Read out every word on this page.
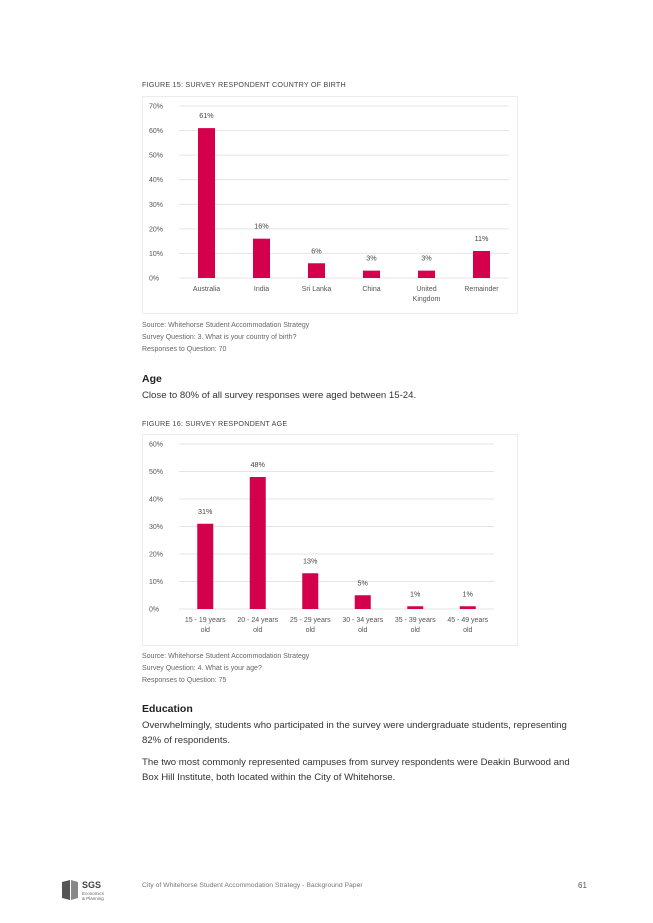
FIGURE 15: SURVEY RESPONDENT COUNTRY OF BIRTH
0%
10%
20%
30%
40%
50%
60%
70%
61%
Australia
16%
India
6%
Sri Lanka
3%
China
3%
United
Kingdom
11%
Remainder
Source: Whitehorse Student Accommodation Strategy
Survey Question: 3. What is your country of birth?
Responses to Question: 70
Age
Close to 80% of all survey responses were aged between 15-24.
FIGURE 16: SURVEY RESPONDENT AGE
0%
10%
20%
30%
40%
50%
60%
31%
15 - 19 years
old
48%
20 - 24 years
old
13%
25 - 29 years
old
5%
30 - 34 years
old
1%
35 - 39 years
old
1%
45 - 49 years
old
Source: Whitehorse Student Accommodation Strategy
Survey Question: 4. What is your age?
Responses to Question: 75
Education
Overwhelmingly, students who participated in the survey were undergraduate students, representing 82% of respondents.
The two most commonly represented campuses from survey respondents were Deakin Burwood and Box Hill Institute, both located within the City of Whitehorse.
SGS
Economics
& Planning
City of Whitehorse Student Accommodation Strategy - Background Paper	61
